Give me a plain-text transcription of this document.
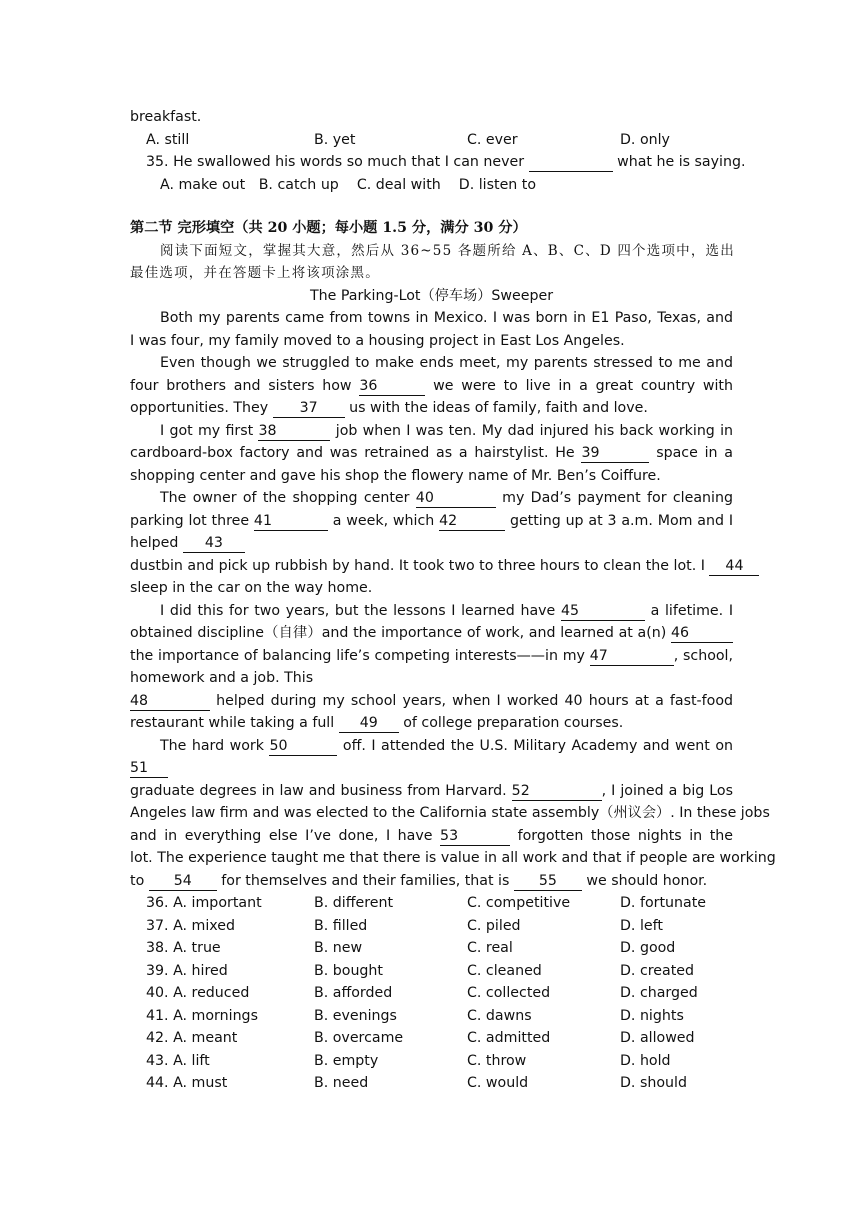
breakfast.
A. still	B. yet	C. ever	D. only
35. He swallowed his words so much that I can never	what he is saying.
A. make out   B. catch up    C. deal with    D. listen to
第二节 完形填空（共 20 小题；每小题 1.5 分，满分 30 分）
阅读下面短文，掌握其大意，然后从 36~55 各题所给 A、B、C、D 四个选项中，选出
最佳选项，并在答题卡上将该项涂黑。
The Parking-Lot（停车场）Sweeper
Both my parents came from towns in Mexico. I was born in E1 Paso, Texas, and
I was four, my family moved to a housing project in East Los Angeles.
Even though we struggled to make ends meet, my parents stressed to me and
four brothers and sisters how 36	we were to live in a great country with
opportunities. They 37 us with the ideas of family, faith and love.
I got my first 38	job when I was ten. My dad injured his back working in
cardboard-box factory and was retrained as a hairstylist. He 39	space in a
shopping center and gave his shop the flowery name of Mr. Ben’s Coiffure.
The owner of the shopping center 40	my Dad’s payment for cleaning
parking lot three 41	a week, which 42	getting up at 3 a.m. Mom and I
helped 43
dustbin and pick up rubbish by hand. It took two to three hours to clean the lot. I 44
sleep in the car on the way home.
I did this for two years, but the lessons I learned have 45	a lifetime. I
obtained discipline（自律）and the importance of work, and learned at a(n) 46
the importance of balancing life’s competing interests——in my 47	, school,
homework and a job. This
48	helped during my school years, when I worked 40 hours at a fast-food
restaurant while taking a full 49 of college preparation courses.
The hard work 50	off. I attended the U.S. Military Academy and went on
51
graduate degrees in law and business from Harvard. 52	, I joined a big Los
Angeles law firm and was elected to the California state assembly（州议会）. In these jobs
and in everything else I’ve done, I have 53	forgotten those nights in the
lot. The experience taught me that there is value in all work and that if people are working
to 54 for themselves and their families, that is 55 we should honor.
36. A. important	B. different	C. competitive	D. fortunate
37. A. mixed	B. filled	C. piled	D. left
38. A. true	B. new	C. real	D. good
39. A. hired	B. bought	C. cleaned	D. created
40. A. reduced	B. afforded	C. collected	D. charged
41. A. mornings	B. evenings	C. dawns	D. nights
42. A. meant	B. overcame	C. admitted	D. allowed
43. A. lift	B. empty	C. throw	D. hold
44. A. must	B. need	C. would	D. should
